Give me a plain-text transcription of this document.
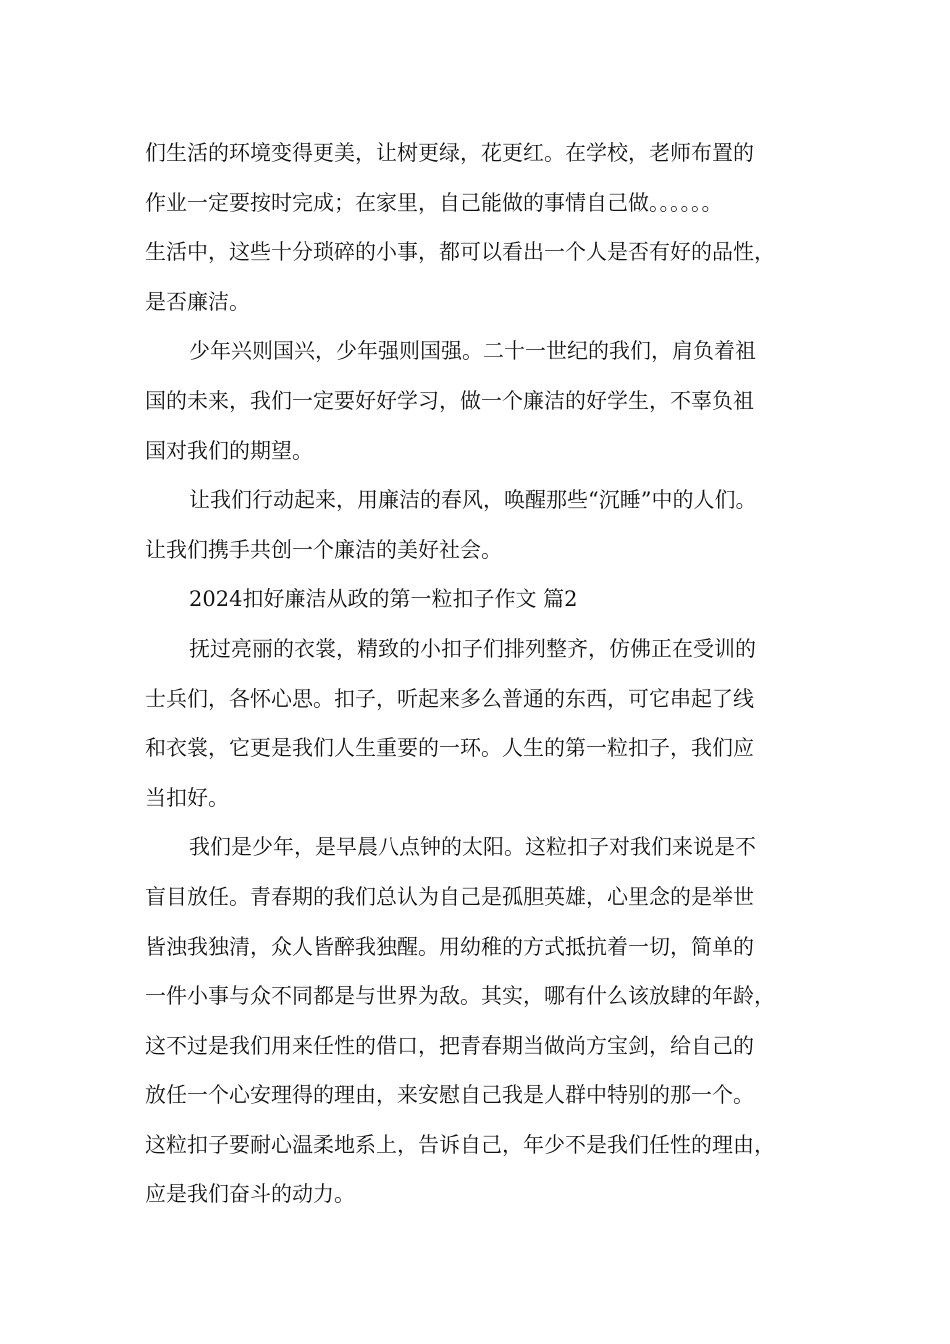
们生活的环境变得更美，让树更绿，花更红。在学校，老师布置的
作业一定要按时完成；在家里，自己能做的事情自己做。。。。。。
生活中，这些十分琐碎的小事，都可以看出一个人是否有好的品性，
是否廉洁。
少年兴则国兴，少年强则国强。二十一世纪的我们，肩负着祖
国的未来，我们一定要好好学习，做一个廉洁的好学生，不辜负祖
国对我们的期望。
让我们行动起来，用廉洁的春风，唤醒那些“沉睡”中的人们。
让我们携手共创一个廉洁的美好社会。
2024扣好廉洁从政的第一粒扣子作文 篇2
抚过亮丽的衣裳，精致的小扣子们排列整齐，仿佛正在受训的
士兵们，各怀心思。扣子，听起来多么普通的东西，可它串起了线
和衣裳，它更是我们人生重要的一环。人生的第一粒扣子，我们应
当扣好。
我们是少年，是早晨八点钟的太阳。这粒扣子对我们来说是不
盲目放任。青春期的我们总认为自己是孤胆英雄，心里念的是举世
皆浊我独清，众人皆醉我独醒。用幼稚的方式抵抗着一切，简单的
一件小事与众不同都是与世界为敌。其实，哪有什么该放肆的年龄，
这不过是我们用来任性的借口，把青春期当做尚方宝剑，给自己的
放任一个心安理得的理由，来安慰自己我是人群中特别的那一个。
这粒扣子要耐心温柔地系上，告诉自己，年少不是我们任性的理由，
应是我们奋斗的动力。
